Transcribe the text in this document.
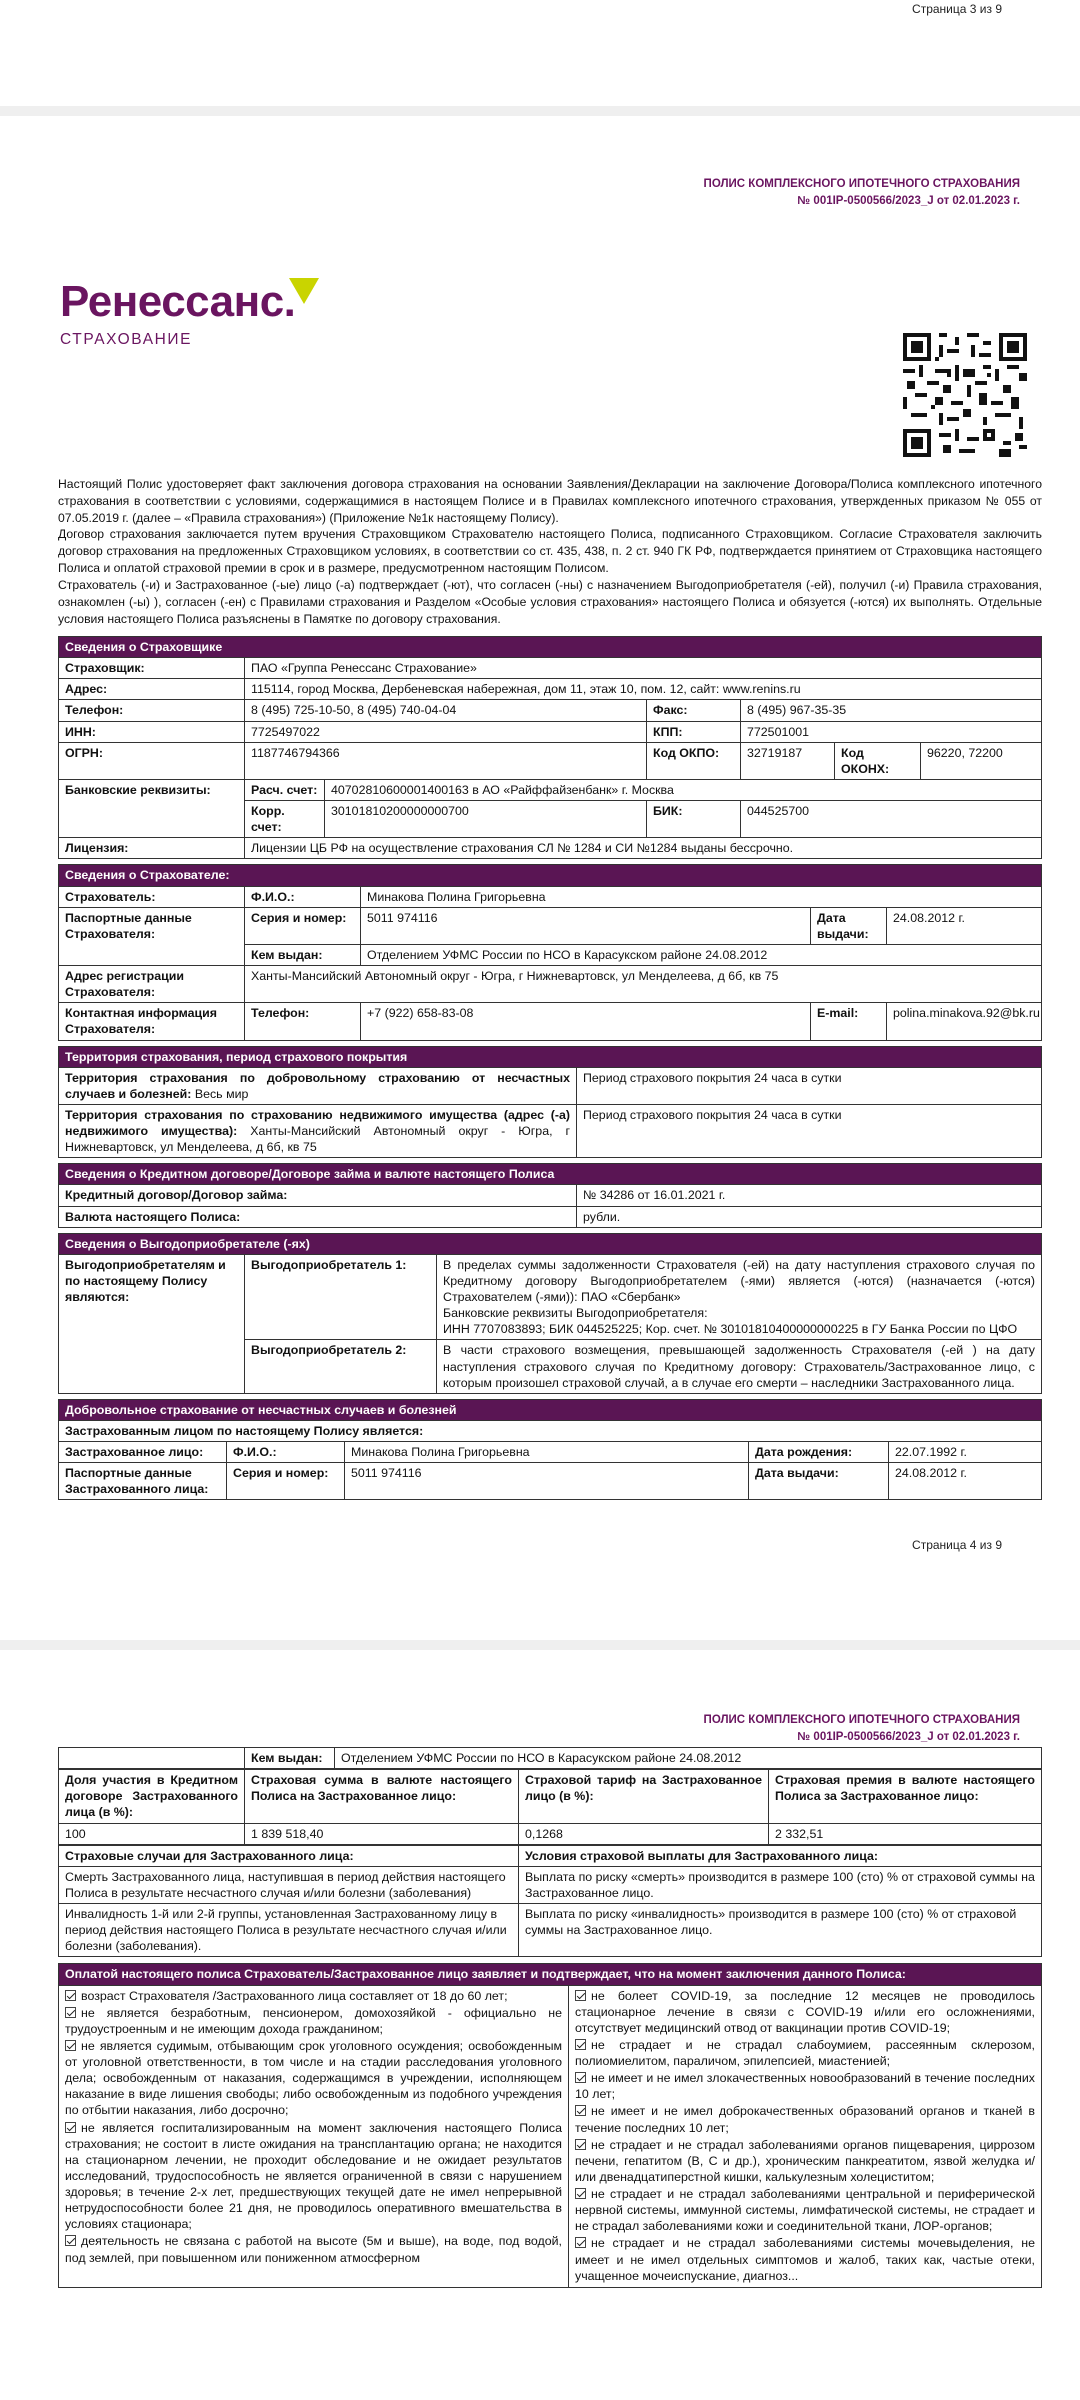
Страница 3 из 9
ПОЛИС КОМПЛЕКСНОГО ИПОТЕЧНОГО СТРАХОВАНИЯ
№ 001IP-0500566/2023_J от 02.01.2023 г.
Ренессанс.
СТРАХОВАНИЕ

Настоящий Полис удостоверяет факт заключения договора страхования на основании Заявления/Декларации на заключение Договора/Полиса комплексного ипотечного страхования в соответствии с условиями, содержащимися в настоящем Полисе и в Правилах комплексного ипотечного страхования, утвержденных приказом № 055 от 07.05.2019 г. (далее – «Правила страхования») (Приложение №1к настоящему Полису).

Договор страхования заключается путем вручения Страховщиком Страхователю настоящего Полиса, подписанного Страховщиком. Согласие Страхователя заключить договор страхования на предложенных Страховщиком условиях, в соответствии со ст. 435, 438, п. 2 ст. 940 ГК РФ, подтверждается принятием от Страховщика настоящего Полиса и оплатой страховой премии в срок и в размере, предусмотренном настоящим Полисом.

Страхователь (-и) и Застрахованное (-ые) лицо (-а) подтверждает (-ют), что согласен (-ны) с назначением Выгодоприобретателя (-ей), получил (-и) Правила страхования, ознакомлен (-ы) ), согласен (-ен) с Правилами страхования и Разделом «Особые условия страхования» настоящего Полиса и обязуется (-ются) их выполнять. Отдельные условия настоящего Полиса разъяснены в Памятке по договору страхования.

Сведения о Страховщике						
Страховщик:	ПАО «Группа Ренессанс Страхование»					
Адрес:	115114, город Москва, Дербеневская набережная, дом 11, этаж 10, пом. 12, сайт: www.renins.ru					
Телефон:	8 (495) 725-10-50, 8 (495) 740-04-04		Факс:	8 (495) 967-35-35		
ИНН:	7725497022		КПП:	772501001		
ОГРН:	1187746794366		Код ОКПО:	32719187	Код ОКОНХ:	96220, 72200
Банковские реквизиты:	Расч. счет:	40702810600001400163 в АО «Райффайзенбанк» г. Москва				
	Корр. счет:	30101810200000000700	БИК:	044525700		
Лицензия:	Лицензии ЦБ РФ на осуществление страхования СЛ № 1284 и СИ №1284 выданы бессрочно.					
Сведения о Страхователе:				
Страхователь:	Ф.И.О.:	Минакова Полина Григорьевна		
Паспортные данные Страхователя:	Серия и номер:	5011 974116	Дата выдачи:	24.08.2012 г.
	Кем выдан:	Отделением УФМС России по НСО в Карасукском районе 24.08.2012		
Адрес регистрации Страхователя:	Ханты-Мансийский Автономный округ - Югра, г Нижневартовск, ул Менделеева, д 6б, кв 75			
Контактная информация Страхователя:	Телефон:	+7 (922) 658-83-08	E-mail:	polina.minakova.92@bk.ru
Территория страхования, период страхового покрытия	
Территория страхования по добровольному страхованию от несчастных случаев и болезней: Весь мир	Период страхового покрытия 24 часа в сутки
Территория страхования по страхованию недвижимого имущества (адрес (-а) недвижимого имущества): Ханты-Мансийский Автономный округ - Югра, г Нижневартовск, ул Менделеева, д 6б, кв 75	Период страхового покрытия 24 часа в сутки
Сведения о Кредитном договоре/Договоре займа и валюте настоящего Полиса	
Кредитный договор/Договор займа:	№ 34286 от 16.01.2021 г.
Валюта настоящего Полиса:	рубли.
Сведения о Выгодоприобретателе (-ях)		
Выгодоприобретателям и по настоящему Полису являются:	Выгодоприобретатель 1:	В пределах суммы задолженности Страхователя (-ей) на дату наступления страхового случая по Кредитному договору Выгодоприобретателем (-ями) является (-ются) (назначается (-ются) Страхователем (-ями)): ПАО «Сбербанк»
Банковские реквизиты Выгодоприобретателя:
ИНН 7707083893; БИК 044525225; Кор. счет. № 30101810400000000225 в ГУ Банка России по ЦФО

	Выгодоприобретатель 2:	В части страхового возмещения, превышающей задолженность Страхователя (-ей ) на дату наступления страхового случая по Кредитному договору: Страхователь/Застрахованное лицо, с которым произошел страховой случай, а в случае его смерти – наследники Застрахованного лица.
Добровольное страхование от несчастных случаев и болезней				
Застрахованным лицом по настоящему Полису является:				
Застрахованное лицо:	Ф.И.О.:	Минакова Полина Григорьевна	Дата рождения:	22.07.1992 г.
Паспортные данные Застрахованного лица:	Серия и номер:	5011 974116	Дата выдачи:	24.08.2012 г.
Страница 4 из 9
ПОЛИС КОМПЛЕКСНОГО ИПОТЕЧНОГО СТРАХОВАНИЯ
№ 001IP-0500566/2023_J от 02.01.2023 г.
	Кем выдан:	Отделением УФМС России по НСО в Карасукском районе 24.08.2012
Доля участия в Кредитном договоре Застрахованного лица (в %):	Страховая сумма в валюте настоящего Полиса на Застрахованное лицо:	Страховой тариф на Застрахованное лицо (в %):	Страховая премия в валюте настоящего Полиса за Застрахованное лицо:
100	1 839 518,40	0,1268	2 332,51
Страховые случаи для Застрахованного лица:	Условия страховой выплаты для Застрахованного лица:
Смерть Застрахованного лица, наступившая в период действия настоящего Полиса в результате несчастного случая и/или болезни (заболевания)	Выплата по риску «смерть» производится в размере 100 (сто) % от страховой суммы на Застрахованное лицо.
Инвалидность 1-й или 2-й группы, установленная Застрахованному лицу в период действия настоящего Полиса в результате несчастного случая и/или болезни (заболевания).	Выплата по риску «инвалидность» производится в размере 100 (сто) % от страховой суммы на Застрахованное лицо.
Оплатой настоящего полиса Страхователь/Застрахованное лицо заявляет и подтверждает, что на момент заключения данного Полиса:

возраст Страхователя /Застрахованного лица составляет от 18 до 60 лет;

не является безработным, пенсионером, домохозяйкой - официально не трудоустроенным и не имеющим дохода гражданином;

не является судимым, отбывающим срок уголовного осуждения; освобожденным от уголовной ответственности, в том числе и на стадии расследования уголовного дела; освобожденным от наказания, содержащимся в учреждении, исполняющем наказание в виде лишения свободы; либо освобожденным из подобного учреждения по отбытии наказания, либо досрочно;

не является госпитализированным на момент заключения настоящего Полиса страхования; не состоит в листе ожидания на трансплантацию органа; не находится на стационарном лечении, не проходит обследование и не ожидает результатов исследований, трудоспособность не является ограниченной в связи с нарушением здоровья; в течение 2-х лет, предшествующих текущей дате не имел непрерывной нетрудоспособности более 21 дня, не проводилось оперативного вмешательства в условиях стационара;

деятельность не связана с работой на высоте (5м и выше), на воде, под водой, под землей, при повышенном или пониженном атмосферном

не болеет COVID-19, за последние 12 месяцев не проводилось стационарное лечение в связи с COVID-19 и/или его осложнениями, отсутствует медицинский отвод от вакцинации против COVID-19;

не страдает и не страдал слабоумием, рассеянным склерозом, полиомиелитом, параличом, эпилепсией, миастенией;

не имеет и не имел злокачественных новообразований в течение последних 10 лет;

не имеет и не имел доброкачественных образований органов и тканей в течение последних 10 лет;

не страдает и не страдал заболеваниями органов пищеварения, циррозом печени, гепатитом (B, C и др.), хроническим панкреатитом, язвой желудка и/или двенадцатиперстной кишки, калькулезным холециститом;

не страдает и не страдал заболеваниями центральной и периферической нервной системы, иммунной системы, лимфатической системы, не страдает и не страдал заболеваниями кожи и соединительной ткани, ЛОР-органов;

не страдает и не страдал заболеваниями системы мочевыделения, не имеет и не имел отдельных симптомов и жалоб, таких как, частые отеки, учащенное мочеиспускание, диагноз...
